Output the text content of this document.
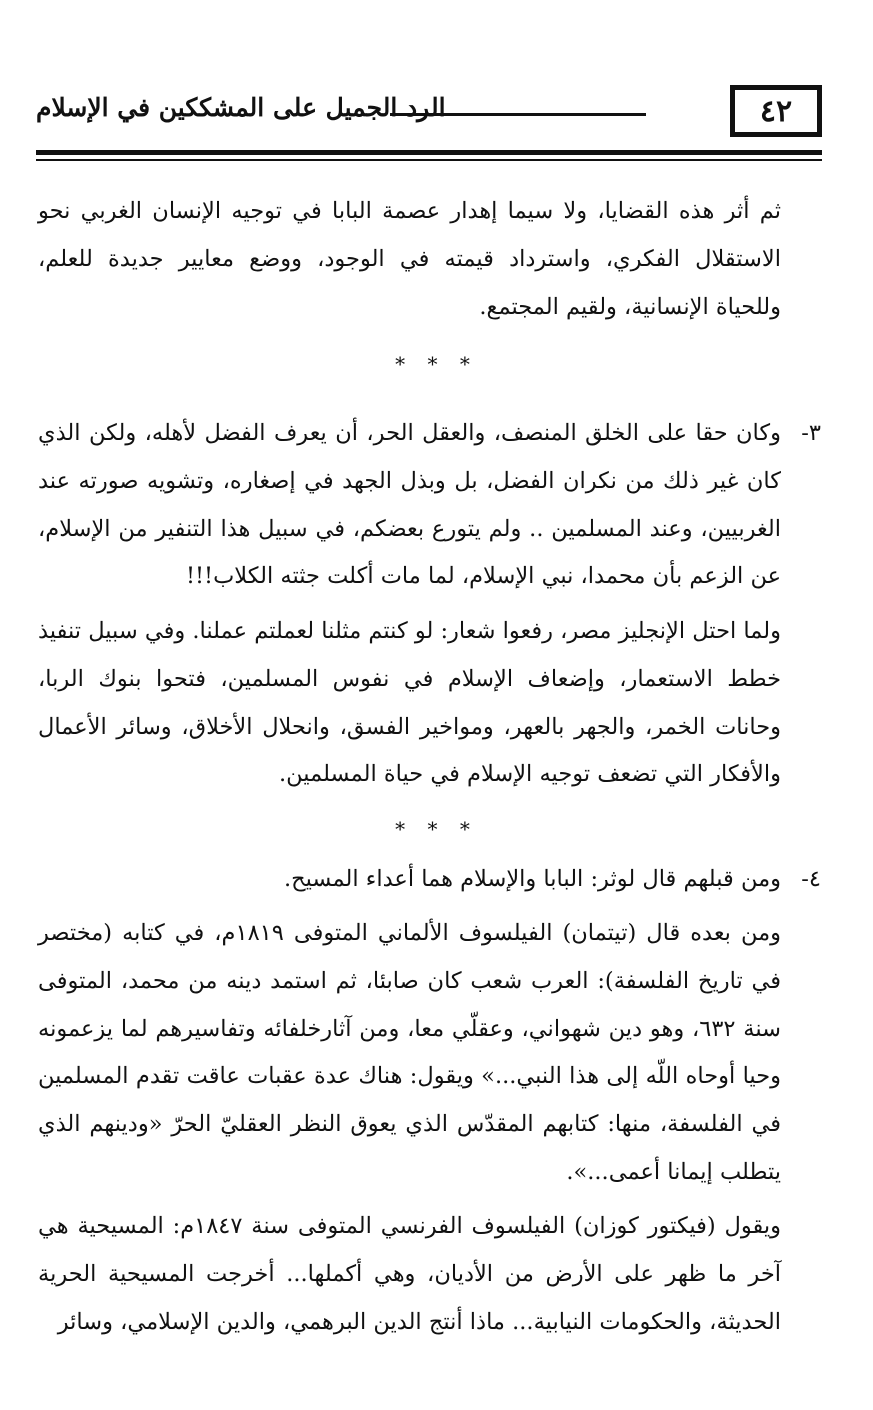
٤٢
الرد الجميل على المشككين في الإسلام

ثم أثر هذه القضايا، ولا سيما إهدار عصمة البابا في توجيه الإنسان الغربي نحو الاستقلال الفكري، واسترداد قيمته في الوجود، ووضع معايير جديدة للعلم، وللحياة الإنسانية، ولقيم المجتمع.

* * *
٣-

وكان حقا على الخلق المنصف، والعقل الحر، أن يعرف الفضل لأهله، ولكن الذي كان غير ذلك من نكران الفضل، بل وبذل الجهد في إصغاره، وتشويه صورته عند الغربيين، وعند المسلمين .. ولم يتورع بعضكم، في سبيل هذا التنفير من الإسلام، عن الزعم بأن محمدا، نبي الإسلام، لما مات أكلت جثته الكلاب!!!

ولما احتل الإنجليز مصر، رفعوا شعار: لو كنتم مثلنا لعملتم عملنا. وفي سبيل تنفيذ خطط الاستعمار، وإضعاف الإسلام في نفوس المسلمين، فتحوا بنوك الربا، وحانات الخمر، والجهر بالعهر، ومواخير الفسق، وانحلال الأخلاق، وسائر الأعمال والأفكار التي تضعف توجيه الإسلام في حياة المسلمين.

* * *
٤-

ومن قبلهم قال لوثر: البابا والإسلام هما أعداء المسيح.

ومن بعده قال (تيتمان) الفيلسوف الألماني المتوفى ١٨١٩م، في كتابه (مختصر في تاريخ الفلسفة): العرب شعب كان صابئا، ثم استمد دينه من محمد، المتوفى سنة ٦٣٢، وهو دين شهواني، وعقلّي معا، ومن آثارخلفائه وتفاسيرهم لما يزعمونه وحيا أوحاه اللّه إلى هذا النبي...» ويقول: هناك عدة عقبات عاقت تقدم المسلمين في الفلسفة، منها: كتابهم المقدّس الذي يعوق النظر العقليّ الحرّ «ودينهم الذي يتطلب إيمانا أعمى...».

ويقول (فيكتور كوزان) الفيلسوف الفرنسي المتوفى سنة ١٨٤٧م: المسيحية هي آخر ما ظهر على الأرض من الأديان، وهي أكملها... أخرجت المسيحية الحرية الحديثة، والحكومات النيابية... ماذا أنتج الدين البرهمي، والدين الإسلامي، وسائر
